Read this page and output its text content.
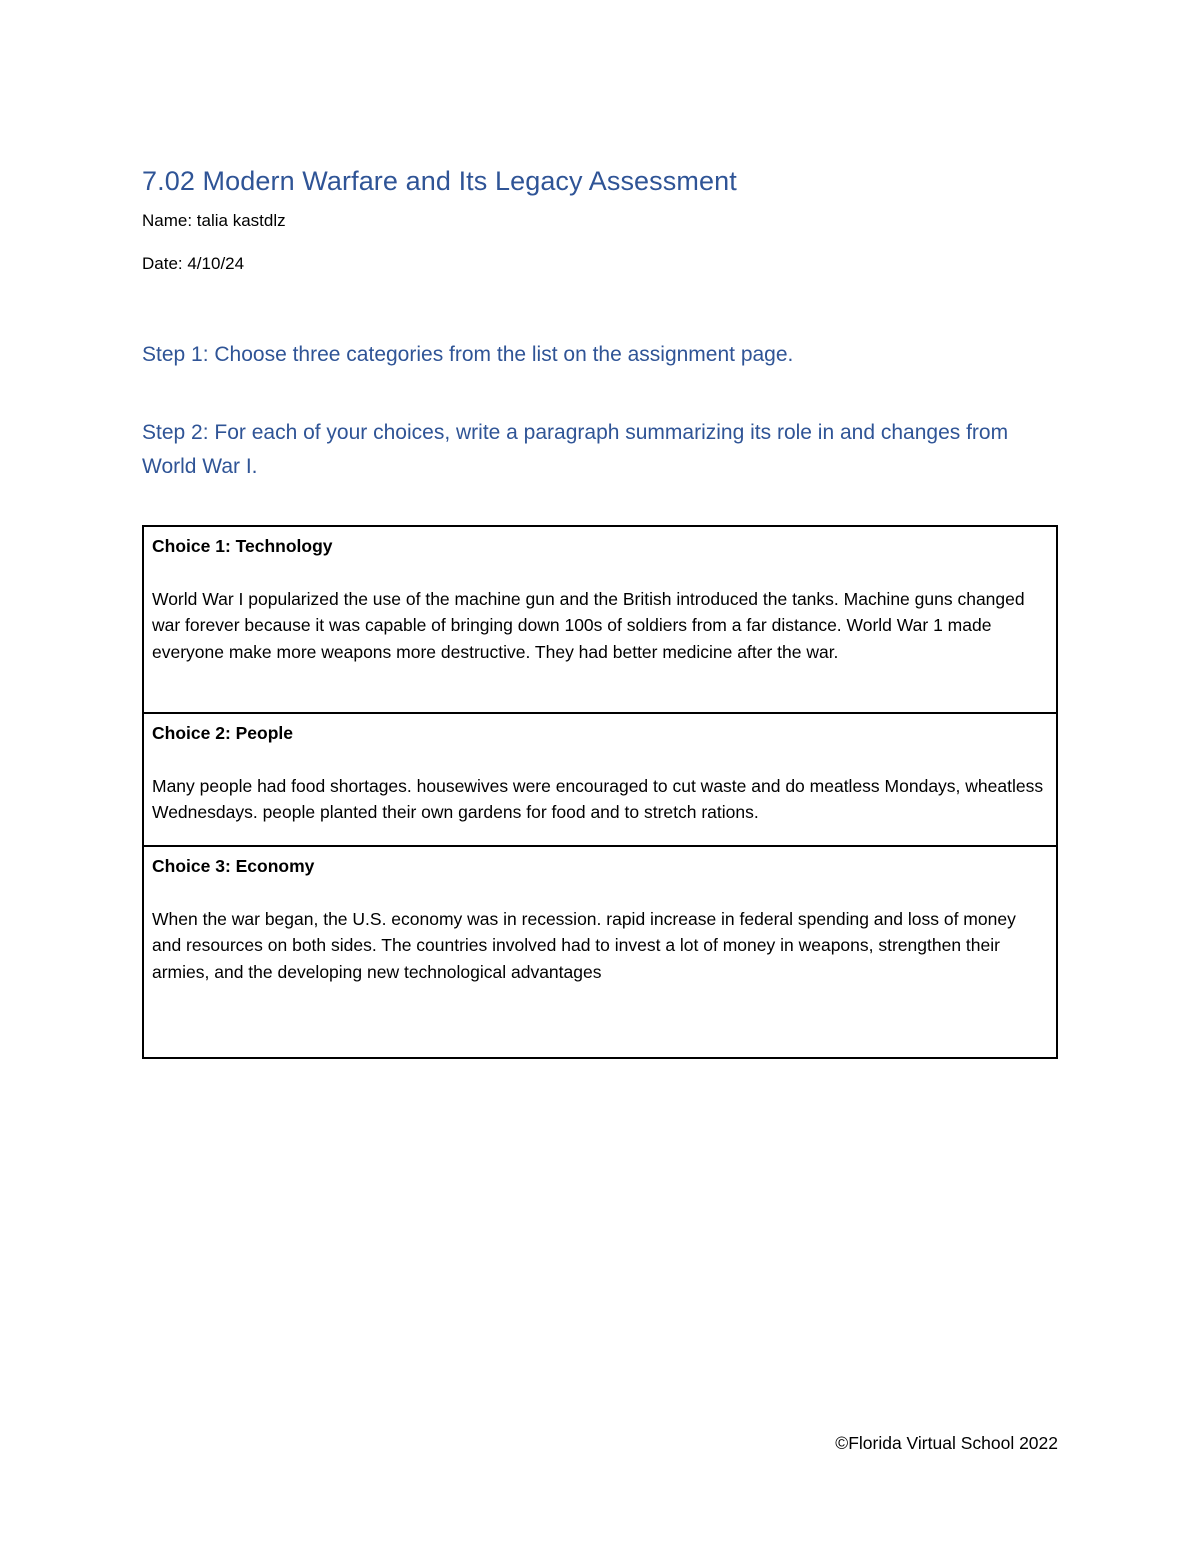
7.02 Modern Warfare and Its Legacy Assessment
Name: talia kastdlz
Date: 4/10/24
Step 1: Choose three categories from the list on the assignment page.
Step 2: For each of your choices, write a paragraph summarizing its role in and changes from World War I.
Choice 1: Technology
World War I popularized the use of the machine gun and the British introduced the tanks. Machine guns changed war forever because it was capable of bringing down 100s of soldiers from a far distance. World War 1 made everyone make more weapons more destructive. They had better medicine after the war.

Choice 2: People
Many people had food shortages. housewives were encouraged to cut waste and do meatless Mondays, wheatless Wednesdays. people planted their own gardens for food and to stretch rations.

Choice 3: Economy
When the war began, the U.S. economy was in recession. rapid increase in federal spending and loss of money and resources on both sides. The countries involved had to invest a lot of money in weapons, strengthen their armies, and the developing new technological advantages
©Florida Virtual School 2022
